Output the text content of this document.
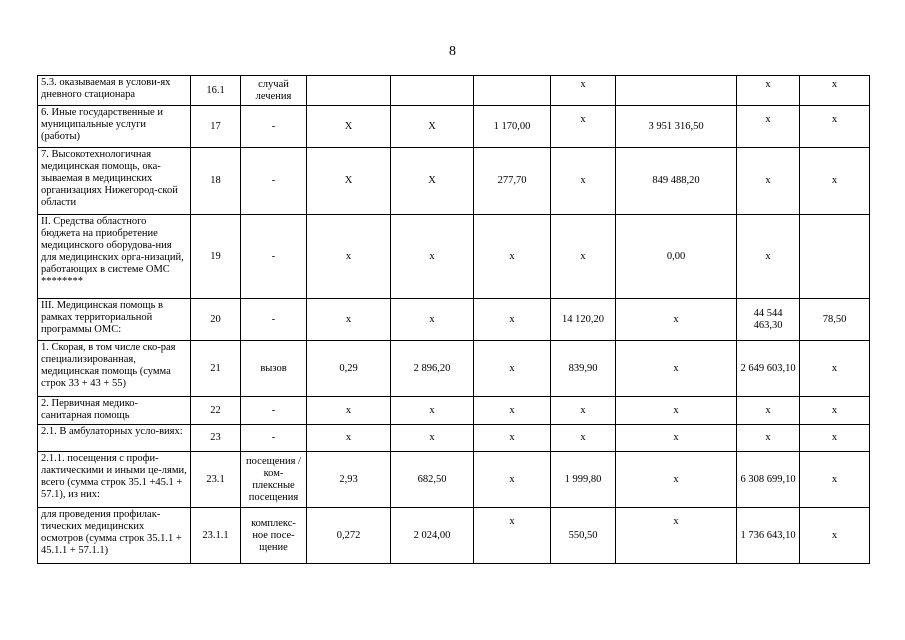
8
5.3. оказываемая в услови-ях дневного стационара	16.1	случай лечения				х		х	х
6. Иные государственные и муниципальные услуги (работы)	17	-	Х	Х	1 170,00	х	3 951 316,50	х	х
7. Высокотехнологичная медицинская помощь, ока-зываемая в медицинских организациях Нижегород-ской области	18	-	Х	Х	277,70	х	849 488,20	х	х
II. Средства областного бюджета на приобретение медицинского оборудова-ния для медицинских орга-низаций, работающих в системе ОМС ********	19	-	х	х	х	х	0,00	х	
III. Медицинская помощь в рамках территориальной программы ОМС:	20	-	х	х	х	14 120,20	х	44 544 463,30	78,50
1. Скорая, в том числе ско-рая специализированная, медицинская помощь (сумма строк 33 + 43 + 55)	21	вызов	0,29	2 896,20	х	839,90	х	2 649 603,10	х
2. Первичная медико-санитарная помощь	22	-	х	х	х	х	х	х	х
2.1. В амбулаторных усло-виях:	23	-	х	х	х	х	х	х	х
2.1.1. посещения с профи-лактическими и иными це-лями, всего (сумма строк 35.1 +45.1 + 57.1), из них:	23.1	посещения / ком-плексные посещения	2,93	682,50	х	1 999,80	х	6 308 699,10	х
для проведения профилак-тических медицинских осмотров (сумма строк 35.1.1 + 45.1.1 + 57.1.1)	23.1.1	комплекс-ное посе-щение	0,272	2 024,00	х	550,50	х	1 736 643,10	х
